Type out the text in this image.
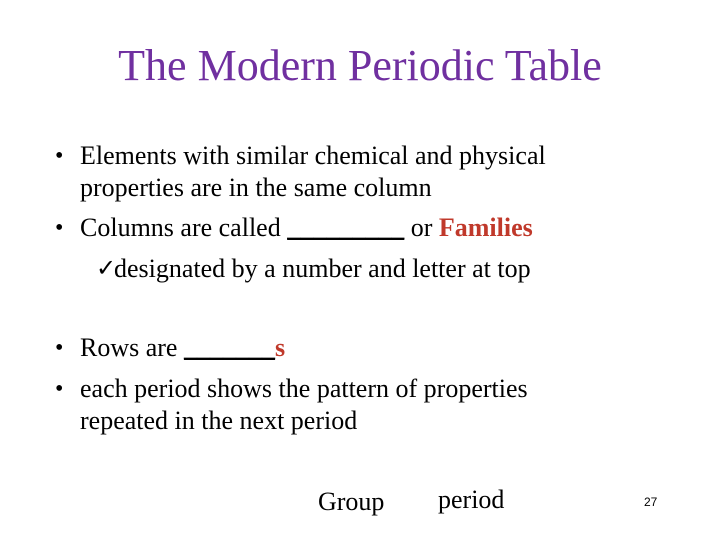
The Modern Periodic Table
• Elements with similar chemical and physical
properties are in the same column
• Columns are called _________ or Families
✓
designated by a number and letter at top
• Rows are _______s
• each period shows the pattern of properties
repeated in the next period
Group period	27
